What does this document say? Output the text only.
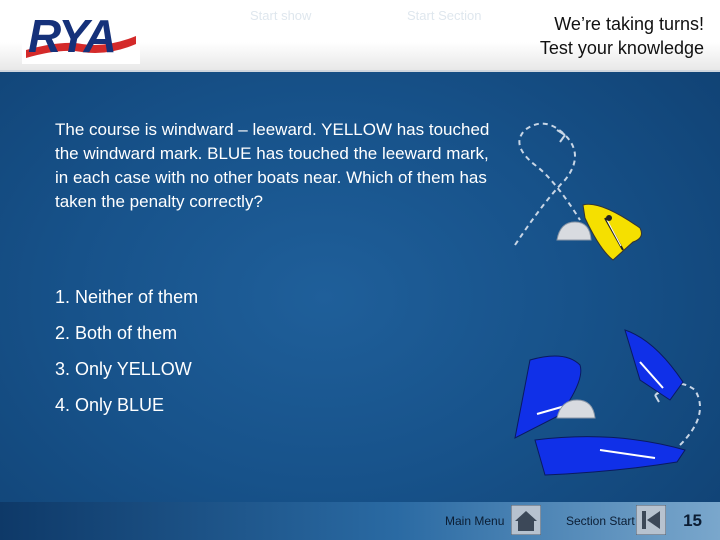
RYA	Start show	Start Section	We’re taking turns!
Test your knowledge
The course is windward – leeward. YELLOW has touched the windward mark. BLUE has touched the leeward mark, in each case with no other boats near. Which of them has taken the penalty correctly?
1. Neither of them
2. Both of them
3. Only YELLOW
4. Only BLUE
Main Menu	Section Start	15
